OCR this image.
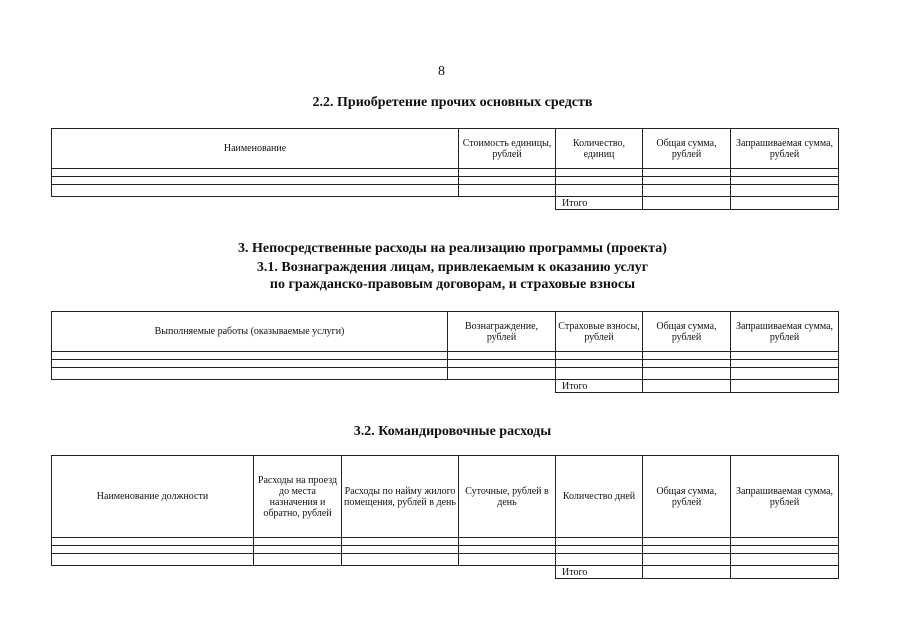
8
2.2. Приобретение прочих основных средств
Наименование	Стоимость единицы, рублей	Количество, единиц	Общая сумма, рублей	Запрашиваемая сумма, рублей

		Итого		
3. Непосредственные расходы на реализацию программы (проекта)
3.1. Вознаграждения лицам, привлекаемым к оказанию услуг
по гражданско-правовым договорам, и страховые взносы
Выполняемые работы (оказываемые услуги)	Вознаграждение, рублей	Страховые взносы, рублей	Общая сумма, рублей	Запрашиваемая сумма, рублей

		Итого		
3.2. Командировочные расходы
Наименование должности	Расходы на проезд до места назначения и обратно, рублей	Расходы по найму жилого помещения, рублей в день	Суточные, рублей в день	Количество дней	Общая сумма, рублей	Запрашиваемая сумма, рублей

				Итого		
